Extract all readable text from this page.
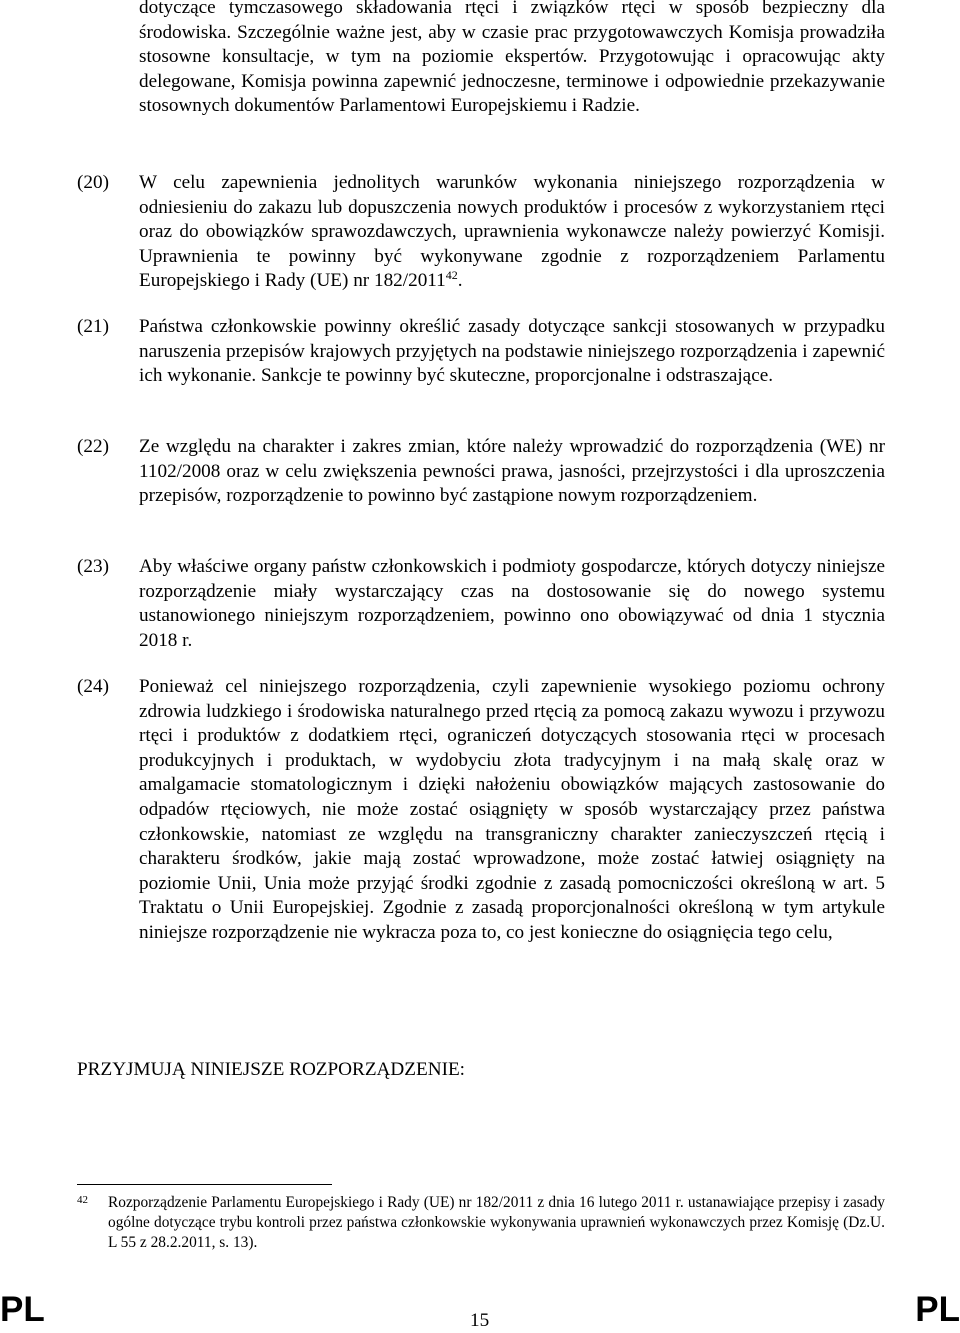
dotyczące tymczasowego składowania rtęci i związków rtęci w sposób bezpieczny dla środowiska. Szczególnie ważne jest, aby w czasie prac przygotowawczych Komisja prowadziła stosowne konsultacje, w tym na poziomie ekspertów. Przygotowując i opracowując akty delegowane, Komisja powinna zapewnić jednoczesne, terminowe i odpowiednie przekazywanie stosownych dokumentów Parlamentowi Europejskiemu i Radzie.
(20)	W celu zapewnienia jednolitych warunków wykonania niniejszego rozporządzenia w odniesieniu do zakazu lub dopuszczenia nowych produktów i procesów z wykorzystaniem rtęci oraz do obowiązków sprawozdawczych, uprawnienia wykonawcze należy powierzyć Komisji. Uprawnienia te powinny być wykonywane zgodnie z rozporządzeniem Parlamentu Europejskiego i Rady (UE) nr 182/2011$^{42}$.
(21)	Państwa członkowskie powinny określić zasady dotyczące sankcji stosowanych w przypadku naruszenia przepisów krajowych przyjętych na podstawie niniejszego rozporządzenia i zapewnić ich wykonanie. Sankcje te powinny być skuteczne, proporcjonalne i odstraszające.
(22)	Ze względu na charakter i zakres zmian, które należy wprowadzić do rozporządzenia (WE) nr 1102/2008 oraz w celu zwiększenia pewności prawa, jasności, przejrzystości i dla uproszczenia przepisów, rozporządzenie to powinno być zastąpione nowym rozporządzeniem.
(23)	Aby właściwe organy państw członkowskich i podmioty gospodarcze, których dotyczy niniejsze rozporządzenie miały wystarczający czas na dostosowanie się do nowego systemu ustanowionego niniejszym rozporządzeniem, powinno ono obowiązywać od dnia 1 stycznia 2018 r.
(24)	Ponieważ cel niniejszego rozporządzenia, czyli zapewnienie wysokiego poziomu ochrony zdrowia ludzkiego i środowiska naturalnego przed rtęcią za pomocą zakazu wywozu i przywozu rtęci i produktów z dodatkiem rtęci, ograniczeń dotyczących stosowania rtęci w procesach produkcyjnych i produktach, w wydobyciu złota tradycyjnym i na małą skalę oraz w amalgamacie stomatologicznym i dzięki nałożeniu obowiązków mających zastosowanie do odpadów rtęciowych, nie może zostać osiągnięty w sposób wystarczający przez państwa członkowskie, natomiast ze względu na transgraniczny charakter zanieczyszczeń rtęcią i charakteru środków, jakie mają zostać wprowadzone, może zostać łatwiej osiągnięty na poziomie Unii, Unia może przyjąć środki zgodnie z zasadą pomocniczości określoną w art. 5 Traktatu o Unii Europejskiej. Zgodnie z zasadą proporcjonalności określoną w tym artykule niniejsze rozporządzenie nie wykracza poza to, co jest konieczne do osiągnięcia tego celu,
PRZYJMUJĄ NINIEJSZE ROZPORZĄDZENIE:
42 Rozporządzenie Parlamentu Europejskiego i Rady (UE) nr 182/2011 z dnia 16 lutego 2011 r. ustanawiające przepisy i zasady ogólne dotyczące trybu kontroli przez państwa członkowskie wykonywania uprawnień wykonawczych przez Komisję (Dz.U. L 55 z 28.2.2011, s. 13).
PL	15	PL
